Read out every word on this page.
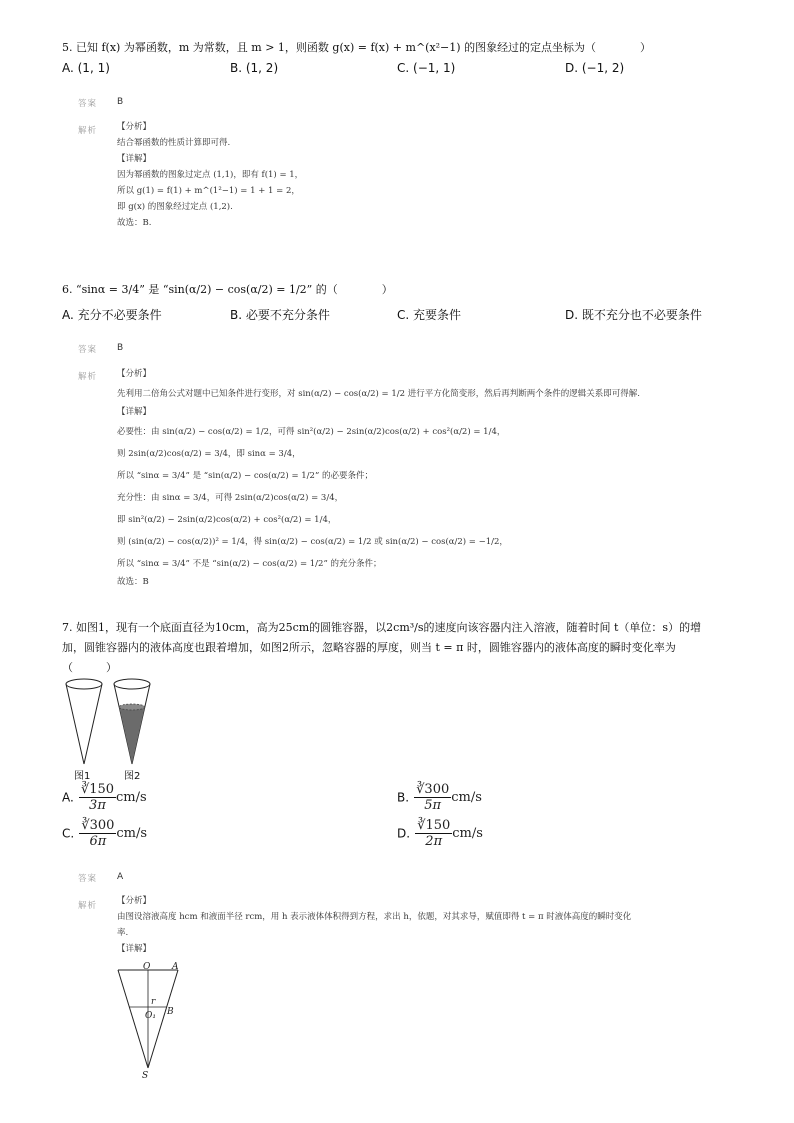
5. 已知 f(x) 为幂函数，m 为常数，且 m > 1，则函数 g(x) = f(x) + m^(x²−1) 的图象经过的定点坐标为（　　　　）
A. (1, 1)	B. (1, 2)	C. (−1, 1)	D. (−1, 2)
答案 B
解析 【分析】
结合幂函数的性质计算即可得.
【详解】
因为幂函数的图象过定点 (1,1)，即有 f(1) = 1，
所以 g(1) = f(1) + m^(1²−1) = 1 + 1 = 2，
即 g(x) 的图象经过定点 (1,2).
故选：B.
6. “sinα = 3/4” 是 “sin(α/2) − cos(α/2) = 1/2” 的（　　　　）
A. 充分不必要条件	B. 必要不充分条件	C. 充要条件	D. 既不充分也不必要条件
答案 B
解析 【分析】
先利用二倍角公式对题中已知条件进行变形，对 sin(α/2) − cos(α/2) = 1/2 进行平方化简变形，然后再判断两个条件的逻辑关系即可得解.
【详解】
必要性：由 sin(α/2) − cos(α/2) = 1/2，可得 sin²(α/2) − 2sin(α/2)cos(α/2) + cos²(α/2) = 1/4，
则 2sin(α/2)cos(α/2) = 3/4，即 sinα = 3/4，
所以 “sinα = 3/4” 是 “sin(α/2) − cos(α/2) = 1/2” 的必要条件；
充分性：由 sinα = 3/4，可得 2sin(α/2)cos(α/2) = 3/4，
即 sin²(α/2) − 2sin(α/2)cos(α/2) + cos²(α/2) = 1/4，
则 (sin(α/2) − cos(α/2))² = 1/4，得 sin(α/2) − cos(α/2) = 1/2 或 sin(α/2) − cos(α/2) = −1/2，
所以 “sinα = 3/4” 不是 “sin(α/2) − cos(α/2) = 1/2” 的充分条件；
故选：B
7. 如图1，现有一个底面直径为10cm，高为25cm的圆锥容器，以2cm³/s的速度向该容器内注入溶液，随着时间 t（单位：s）的增
加，圆锥容器内的液体高度也跟着增加，如图2所示，忽略容器的厚度，则当 t = π 时，圆锥容器内的液体高度的瞬时变化率为
（　　　）
图1	图2
A. $\frac{∛150}{3\pi} cm/s$	B. $\frac{∛300}{5\pi} cm/s$
C. $\frac{∛300}{6\pi} cm/s$	D. $\frac{∛150}{2\pi} cm/s$
答案 A
解析 【分析】
由图设溶液高度 hcm 和液面半径 rcm，用 h 表示液体体积得到方程，求出 h，依题，对其求导，赋值即得 t = π 时液体高度的瞬时变化
率.
【详解】
O A
r
O₁ B
S
